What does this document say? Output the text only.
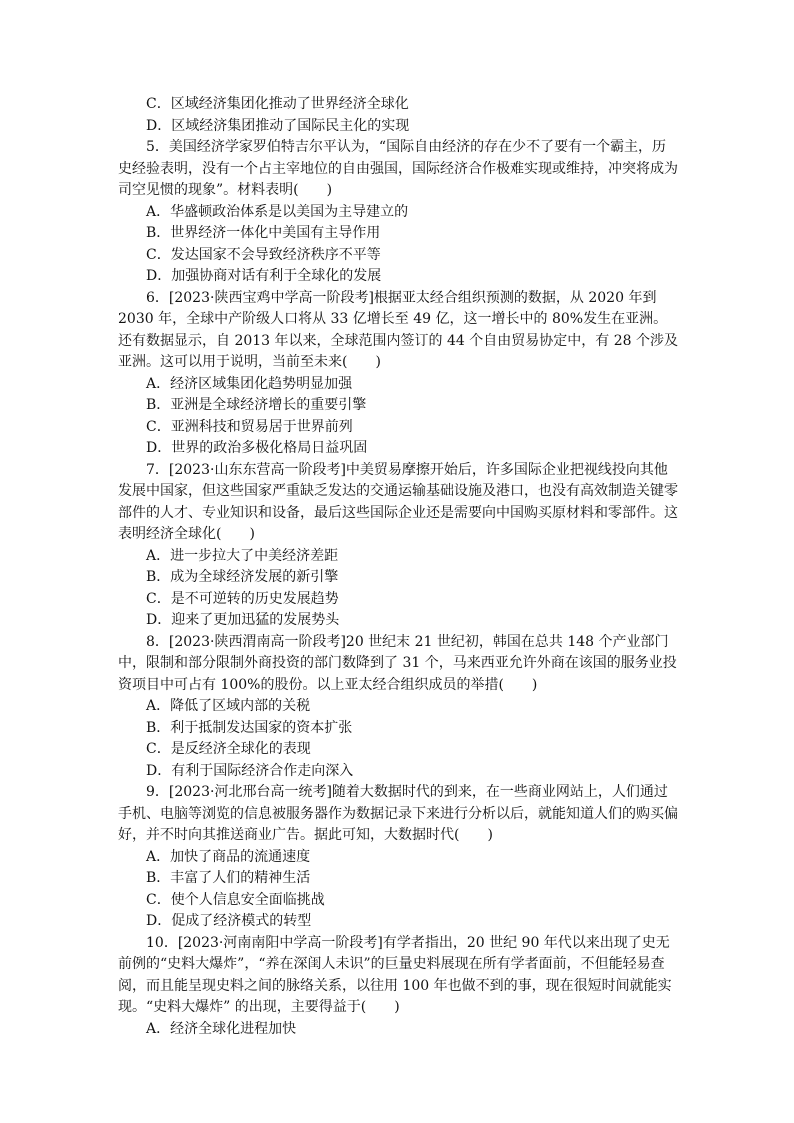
C．区域经济集团化推动了世界经济全球化
D．区域经济集团推动了国际民主化的实现
5．美国经济学家罗伯特吉尔平认为，“国际自由经济的存在少不了要有一个霸主，历史经验表明，没有一个占主宰地位的自由强国，国际经济合作极难实现或维持，冲突将成为司空见惯的现象”。材料表明(　　)
A．华盛顿政治体系是以美国为主导建立的
B．世界经济一体化中美国有主导作用
C．发达国家不会导致经济秩序不平等
D．加强协商对话有利于全球化的发展
6．[2023·陕西宝鸡中学高一阶段考]根据亚太经合组织预测的数据，从 2020 年到 2030 年，全球中产阶级人口将从 33 亿增长至 49 亿，这一增长中的 80%发生在亚洲。还有数据显示，自 2013 年以来，全球范围内签订的 44 个自由贸易协定中，有 28 个涉及亚洲。这可以用于说明，当前至未来(　　)
A．经济区域集团化趋势明显加强
B．亚洲是全球经济增长的重要引擎
C．亚洲科技和贸易居于世界前列
D．世界的政治多极化格局日益巩固
7．[2023·山东东营高一阶段考]中美贸易摩擦开始后，许多国际企业把视线投向其他发展中国家，但这些国家严重缺乏发达的交通运输基础设施及港口，也没有高效制造关键零部件的人才、专业知识和设备，最后这些国际企业还是需要向中国购买原材料和零部件。这表明经济全球化(　　)
A．进一步拉大了中美经济差距
B．成为全球经济发展的新引擎
C．是不可逆转的历史发展趋势
D．迎来了更加迅猛的发展势头
8．[2023·陕西渭南高一阶段考]20 世纪末 21 世纪初，韩国在总共 148 个产业部门中，限制和部分限制外商投资的部门数降到了 31 个，马来西亚允许外商在该国的服务业投资项目中可占有 100%的股份。以上亚太经合组织成员的举措(　　)
A．降低了区域内部的关税
B．利于抵制发达国家的资本扩张
C．是反经济全球化的表现
D．有利于国际经济合作走向深入
9．[2023·河北邢台高一统考]随着大数据时代的到来，在一些商业网站上，人们通过手机、电脑等浏览的信息被服务器作为数据记录下来进行分析以后，就能知道人们的购买偏好，并不时向其推送商业广告。据此可知，大数据时代(　　)
A．加快了商品的流通速度
B．丰富了人们的精神生活
C．使个人信息安全面临挑战
D．促成了经济模式的转型
10．[2023·河南南阳中学高一阶段考]有学者指出，20 世纪 90 年代以来出现了史无前例的“史料大爆炸”，“养在深闺人未识”的巨量史料展现在所有学者面前，不但能轻易查阅，而且能呈现史料之间的脉络关系，以往用 100 年也做不到的事，现在很短时间就能实现。“史料大爆炸” 的出现，主要得益于(　　)
A．经济全球化进程加快
